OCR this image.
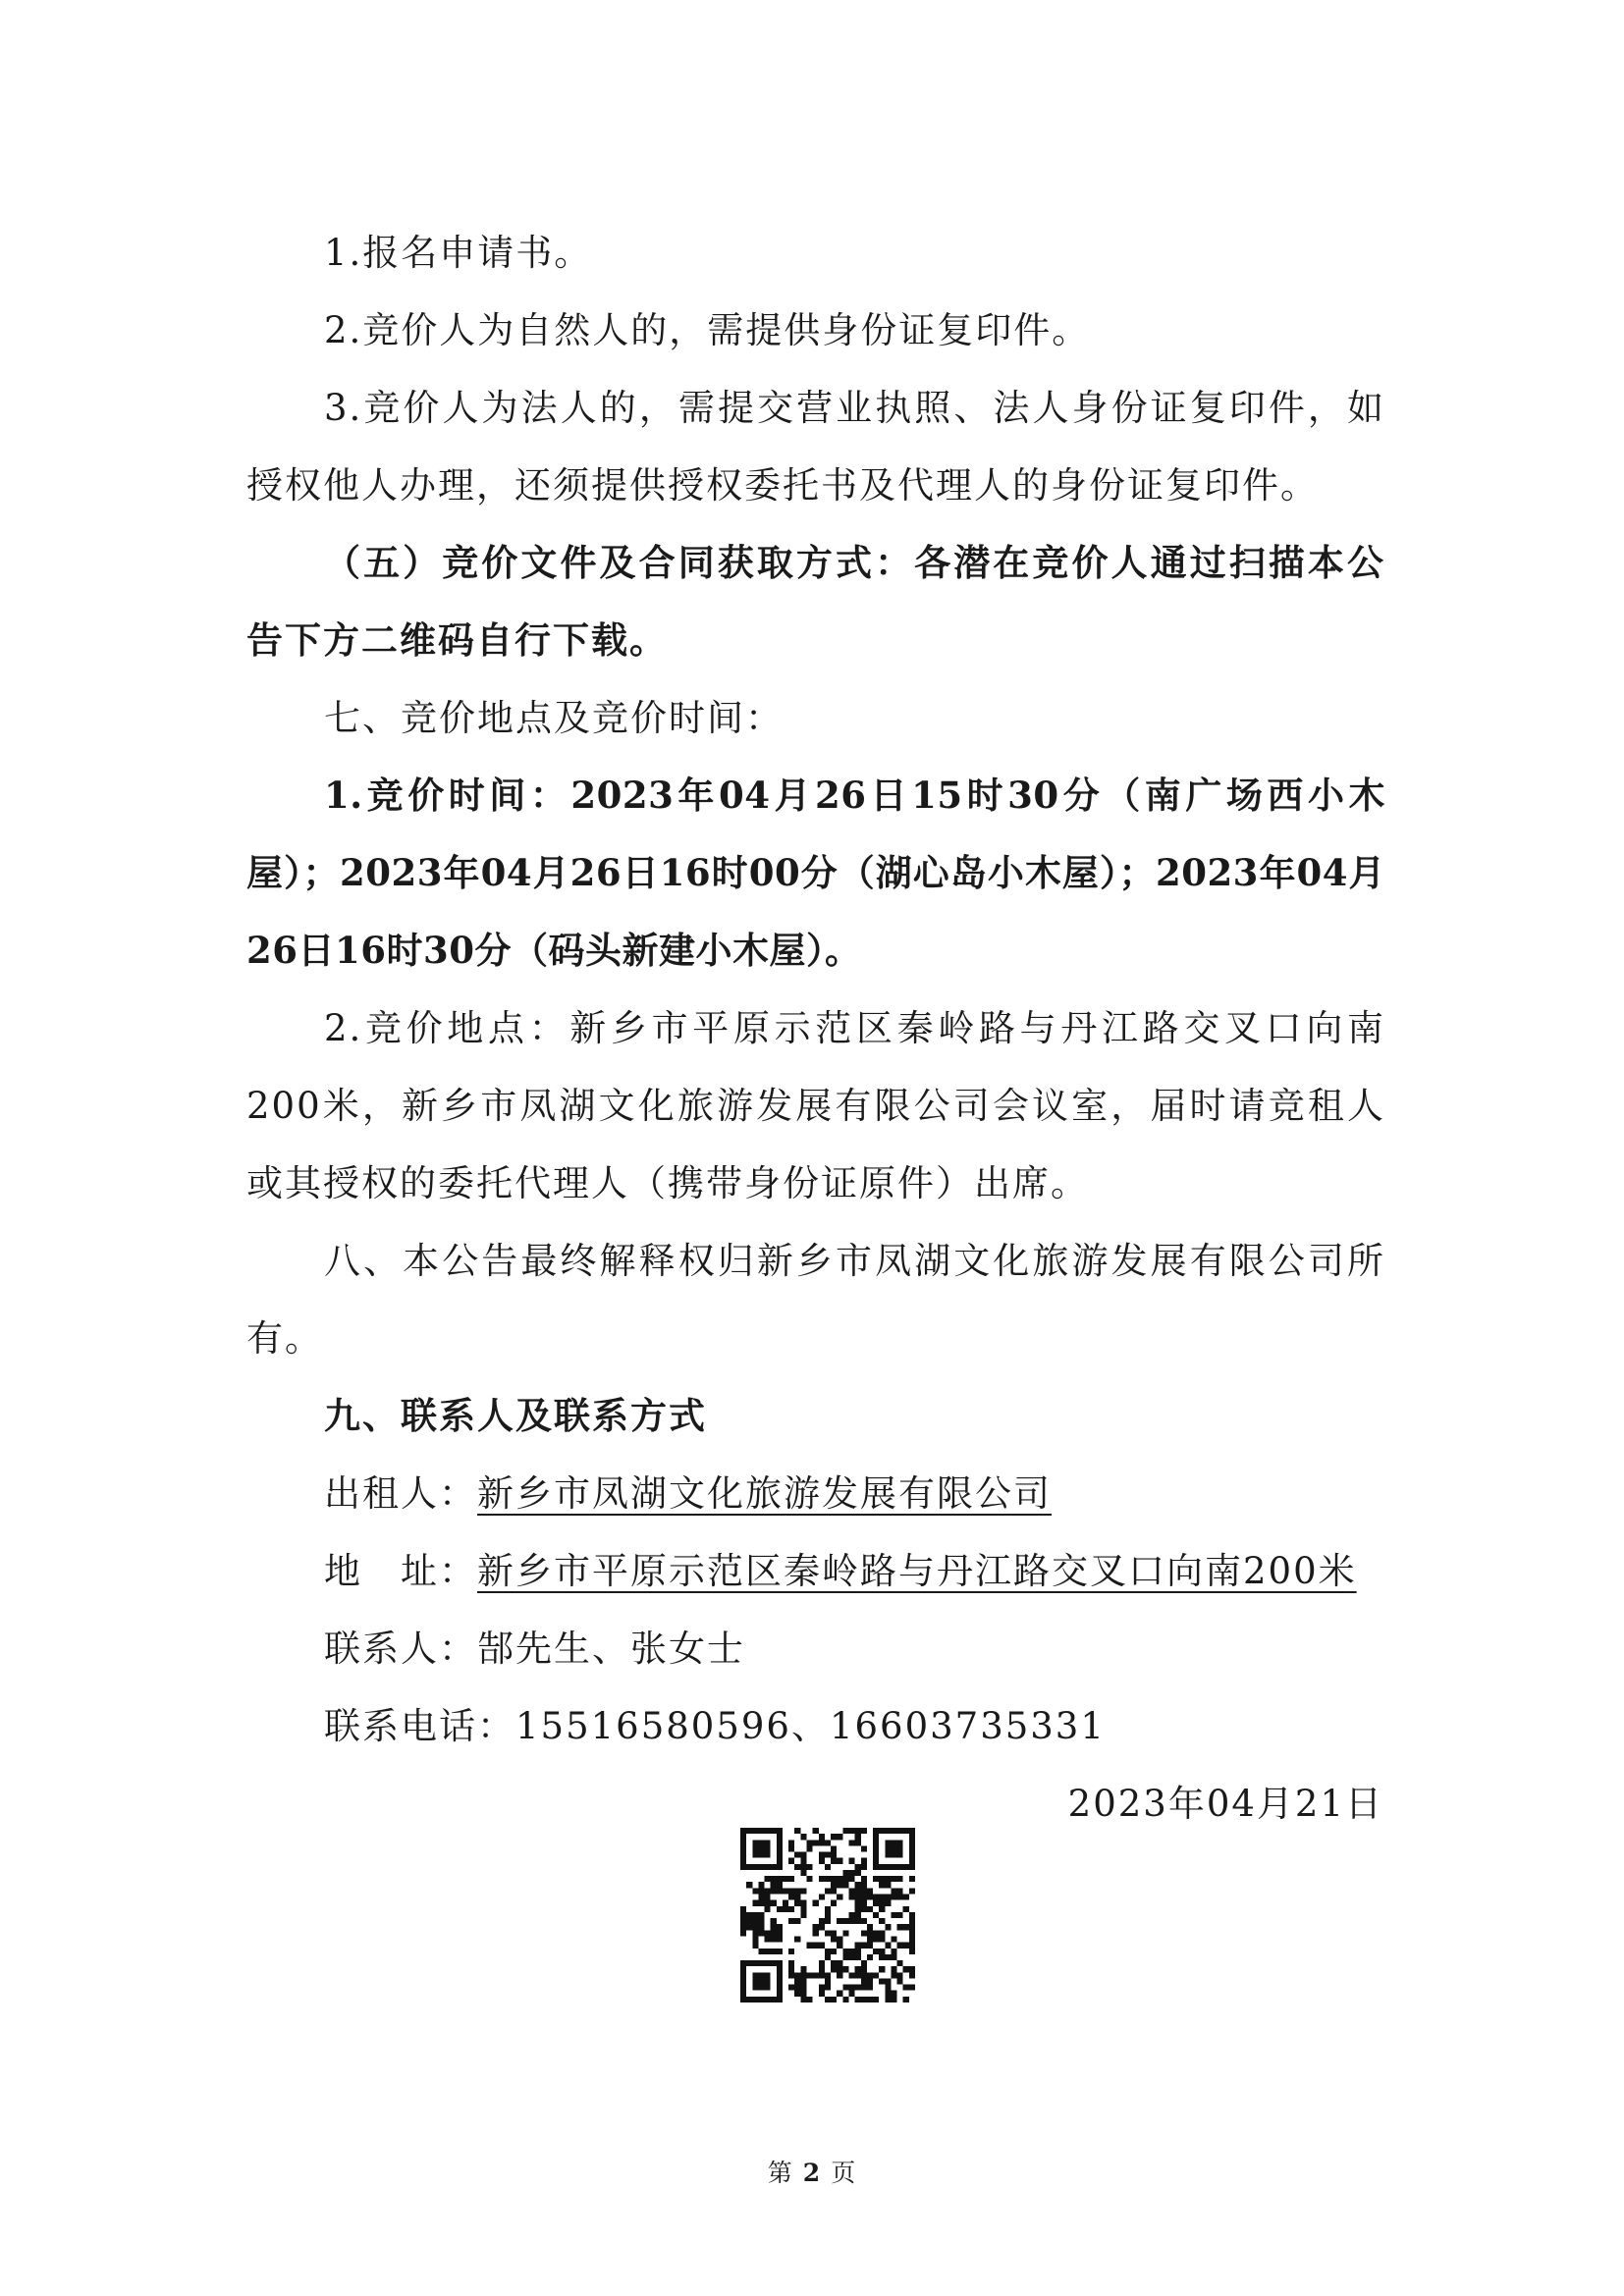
1.报名申请书。

2.竞价人为自然人的，需提供身份证复印件。

3.竞价人为法人的，需提交营业执照、法人身份证复印件，如授权他人办理，还须提供授权委托书及代理人的身份证复印件。

（五）竞价文件及合同获取方式：各潜在竞价人通过扫描本公告下方二维码自行下载。

七、竞价地点及竞价时间：

1.竞价时间：2023年04月26日15时30分（南广场西小木屋）；2023年04月26日16时00分（湖心岛小木屋）；2023年04月26日16时30分（码头新建小木屋）。

2.竞价地点：新乡市平原示范区秦岭路与丹江路交叉口向南200米，新乡市凤湖文化旅游发展有限公司会议室，届时请竞租人或其授权的委托代理人（携带身份证原件）出席。

八、本公告最终解释权归新乡市凤湖文化旅游发展有限公司所有。

九、联系人及联系方式

出租人：新乡市凤湖文化旅游发展有限公司

地　址：新乡市平原示范区秦岭路与丹江路交叉口向南200米

联系人：郜先生、张女士

联系电话：15516580596、16603735331

2023年04月21日

第 2 页
